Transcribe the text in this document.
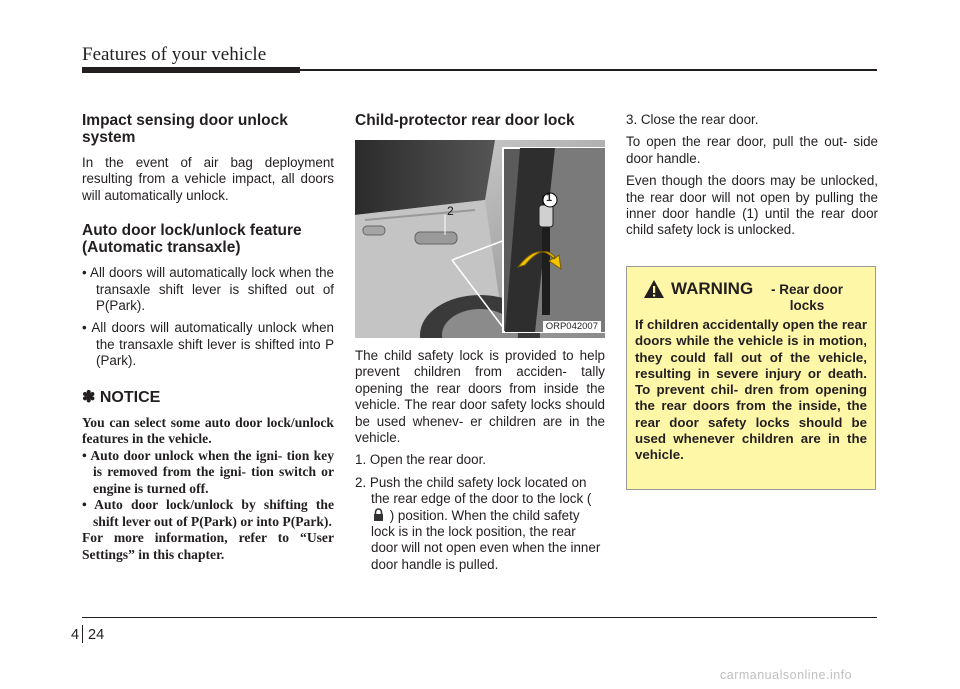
Features of your vehicle
Impact sensing door unlock system

In the event of air bag deployment resulting from a vehicle impact, all doors will automatically unlock.

Auto door lock/unlock feature (Automatic transaxle)
• All doors will automatically lock when the transaxle shift lever is shifted out of P(Park).
• All doors will automatically unlock when the transaxle shift lever is shifted into P (Park).
✽ NOTICE
You can select some auto door lock/unlock features in the vehicle.
• Auto door unlock when the igni- tion key is removed from the igni- tion switch or engine is turned off.
• Auto door lock/unlock by shifting the shift lever out of P(Park) or into P(Park).
For more information, refer to “User Settings” in this chapter.
Child-protector rear door lock
1
2
ORP042007

The child safety lock is provided to help prevent children from acciden- tally opening the rear doors from inside the vehicle. The rear door safety locks should be used whenev- er children are in the vehicle.

1. Open the rear door.
2. Push the child safety lock located on the rear edge of the door to the lock (  ) position. When the child safety lock is in the lock position, the rear door will not open even when the inner door handle is pulled.

3. Close the rear door.

To open the rear door, pull the out- side door handle.

Even though the doors may be unlocked, the rear door will not open by pulling the inner door handle (1) until the rear door child safety lock is unlocked.

WARNING	- Rear door locks
If children accidentally open the rear doors while the vehicle is in motion, they could fall out of the vehicle, resulting in severe injury or death. To prevent chil- dren from opening the rear doors from the inside, the rear door safety locks should be used whenever children are in the vehicle.
4 24
carmanualsonline.info
